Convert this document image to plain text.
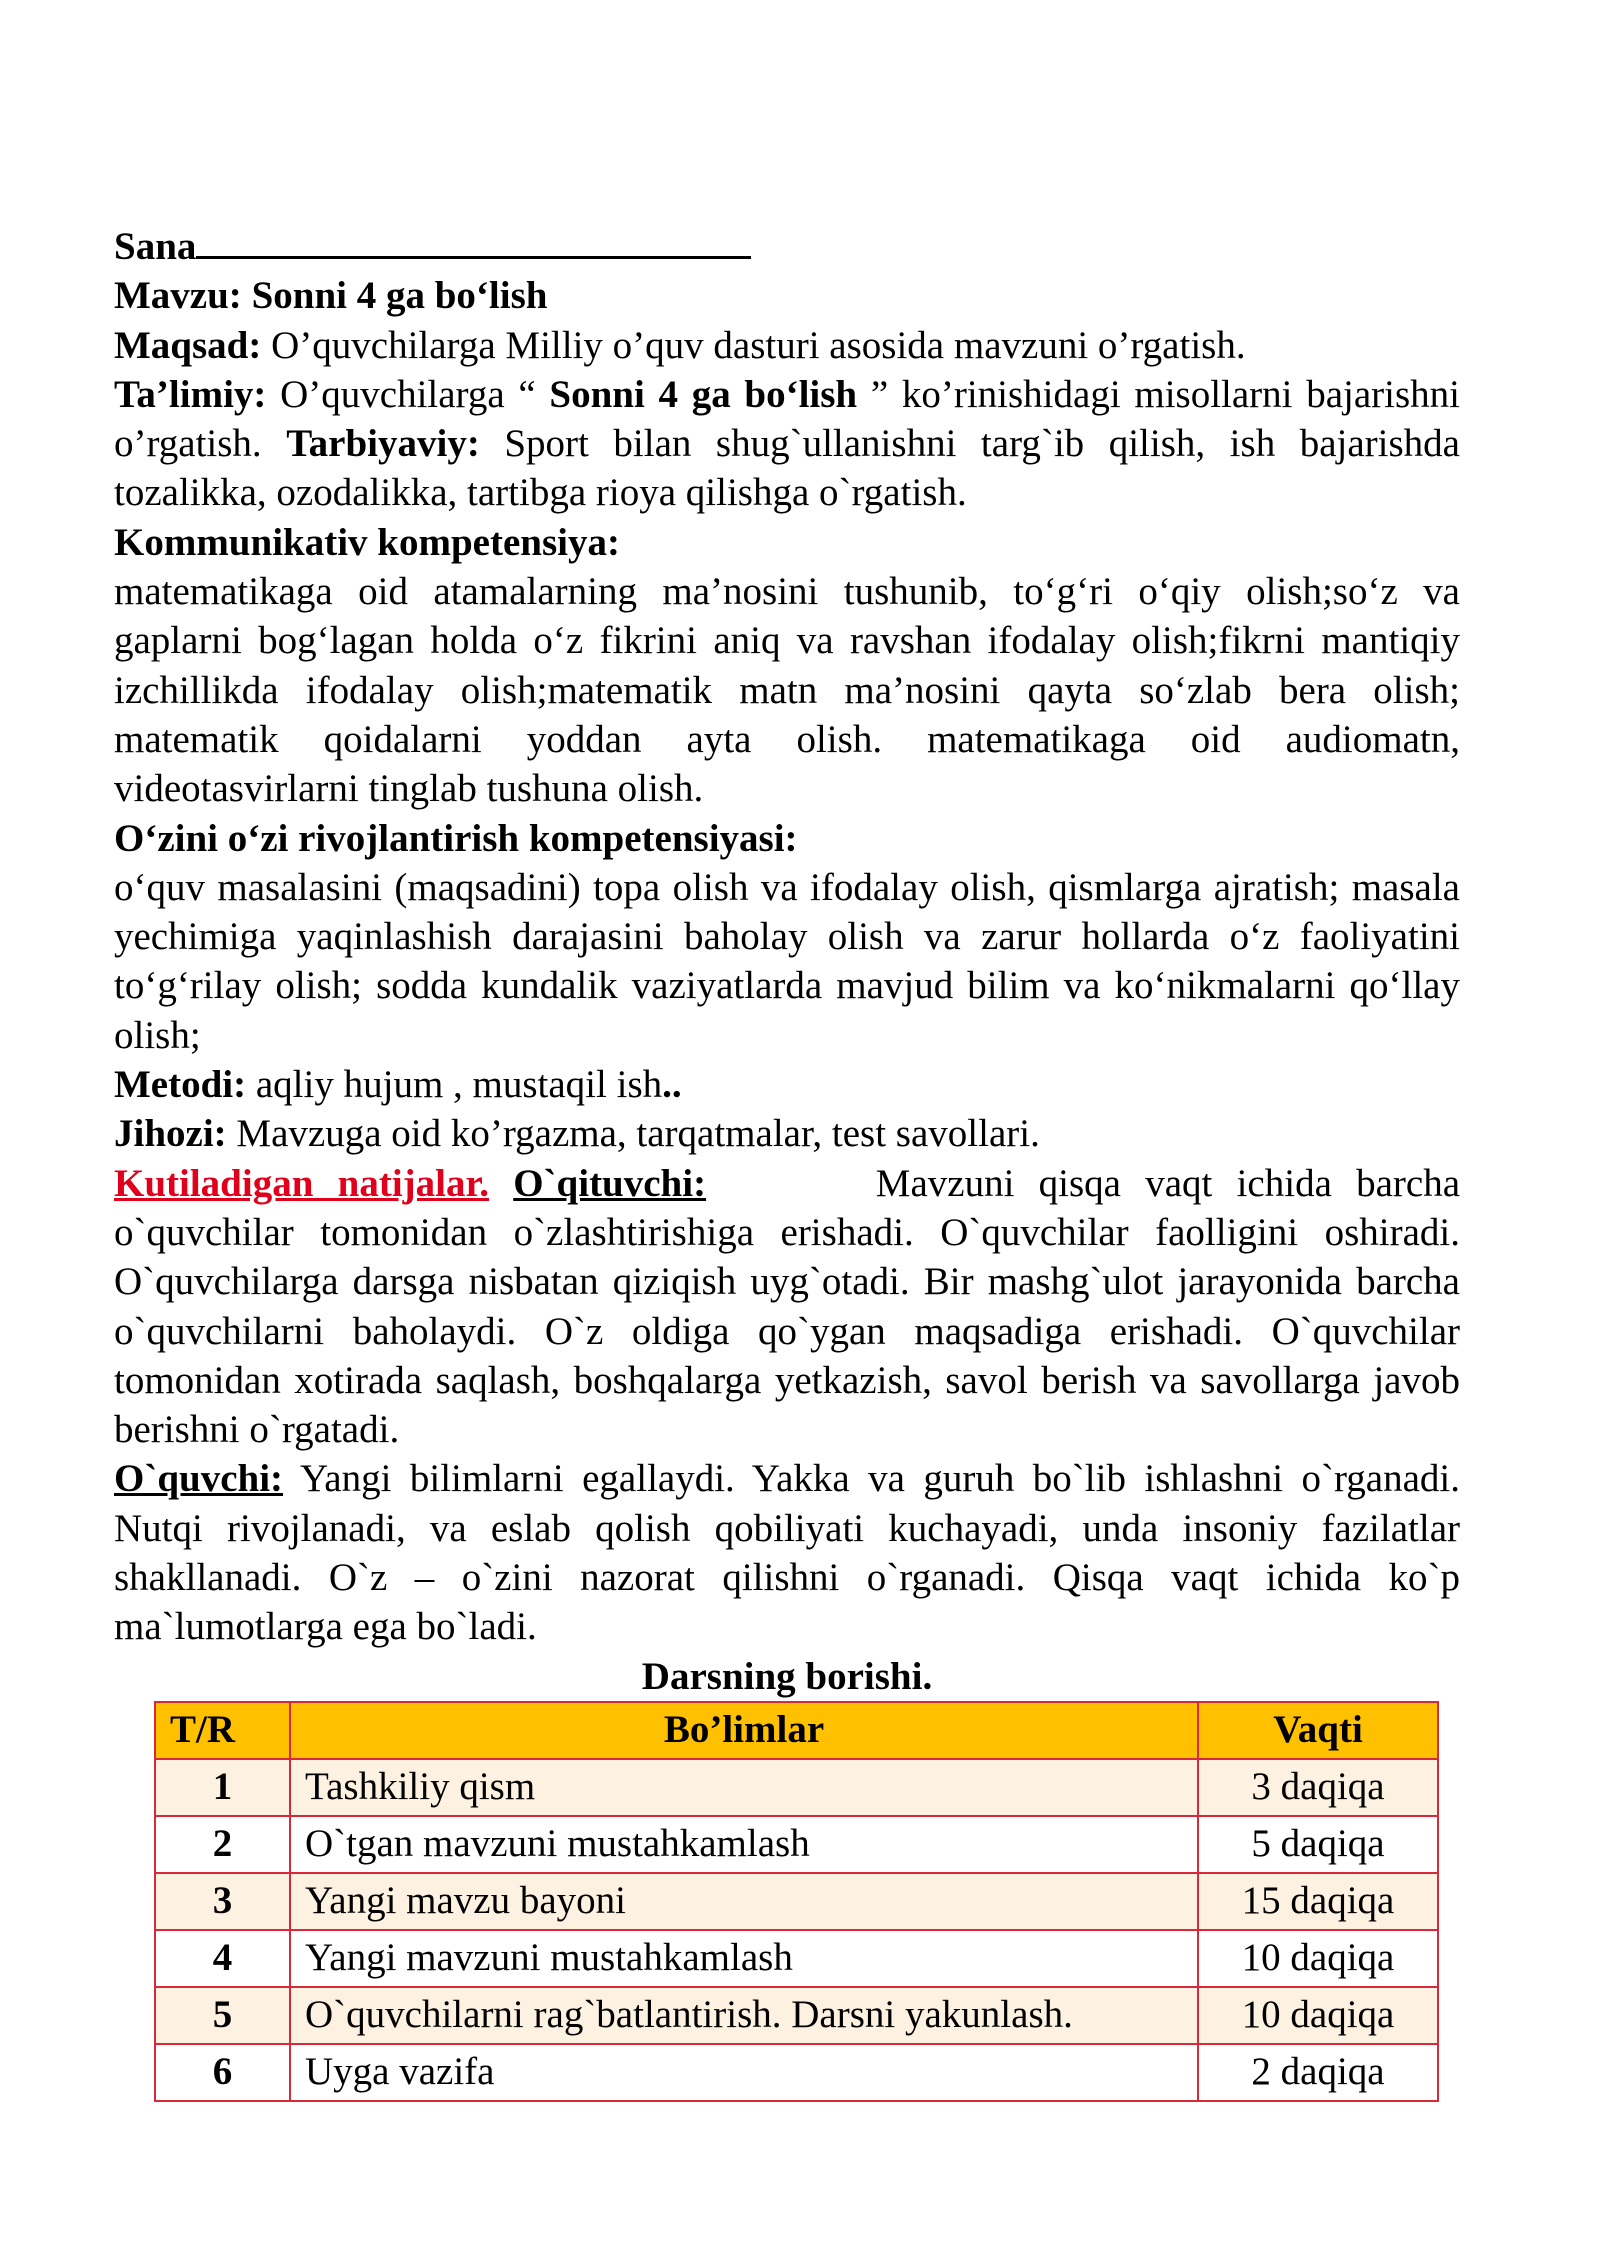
Sana

Mavzu: Sonni 4 ga bo‘lish

Maqsad: O’quvchilarga Milliy o’quv dasturi asosida mavzuni o’rgatish.

Ta’limiy: O’quvchilarga “ Sonni 4 ga bo‘lish ” ko’rinishidagi misollarni bajarishni o’rgatish. Tarbiyaviy: Sport bilan shug`ullanishni targ`ib qilish, ish bajarishda tozalikka, ozodalikka, tartibga rioya qilishga o`rgatish.

Kommunikativ kompetensiya:

matematikaga oid atamalarning ma’nosini tushunib, to‘g‘ri o‘qiy olish;so‘z va gaplarni bog‘lagan holda o‘z fikrini aniq va ravshan ifodalay olish;fikrni mantiqiy izchillikda ifodalay olish;matematik matn ma’nosini qayta so‘zlab bera olish; matematik qoidalarni yoddan ayta olish. matematikaga oid audiomatn, videotasvirlarni tinglab tushuna olish.

O‘zini o‘zi rivojlantirish kompetensiyasi:

o‘quv masalasini (maqsadini) topa olish va ifodalay olish, qismlarga ajratish; masala yechimiga yaqinlashish darajasini baholay olish va zarur hollarda o‘z faoliyatini to‘g‘rilay olish; sodda kundalik vaziyatlarda mavjud bilim va ko‘nikmalarni qo‘llay olish;

Metodi: aqliy hujum , mustaqil ish..

Jihozi: Mavzuga oid ko’rgazma, tarqatmalar, test savollari.

Kutiladigan natijalar. O`qituvchi:	Mavzuni qisqa vaqt ichida barcha o`quvchilar tomonidan o`zlashtirishiga erishadi. O`quvchilar faolligini oshiradi. O`quvchilarga darsga nisbatan qiziqish uyg`otadi. Bir mashg`ulot jarayonida barcha o`quvchilarni baholaydi. O`z oldiga qo`ygan maqsadiga erishadi. O`quvchilar tomonidan xotirada saqlash, boshqalarga yetkazish, savol berish va savollarga javob berishni o`rgatadi.

O`quvchi: Yangi bilimlarni egallaydi. Yakka va guruh bo`lib ishlashni o`rganadi. Nutqi rivojlanadi, va eslab qolish qobiliyati kuchayadi, unda insoniy fazilatlar shakllanadi. O`z – o`zini nazorat qilishni o`rganadi. Qisqa vaqt ichida ko`p ma`lumotlarga ega bo`ladi.

Darsning borishi.

T/R	Bo’limlar	Vaqti
1	Tashkiliy qism	3 daqiqa
2	O`tgan mavzuni mustahkamlash	5 daqiqa
3	Yangi mavzu bayoni	15 daqiqa
4	Yangi mavzuni mustahkamlash	10 daqiqa
5	O`quvchilarni rag`batlantirish. Darsni yakunlash.	10 daqiqa
6	Uyga vazifa	2 daqiqa
